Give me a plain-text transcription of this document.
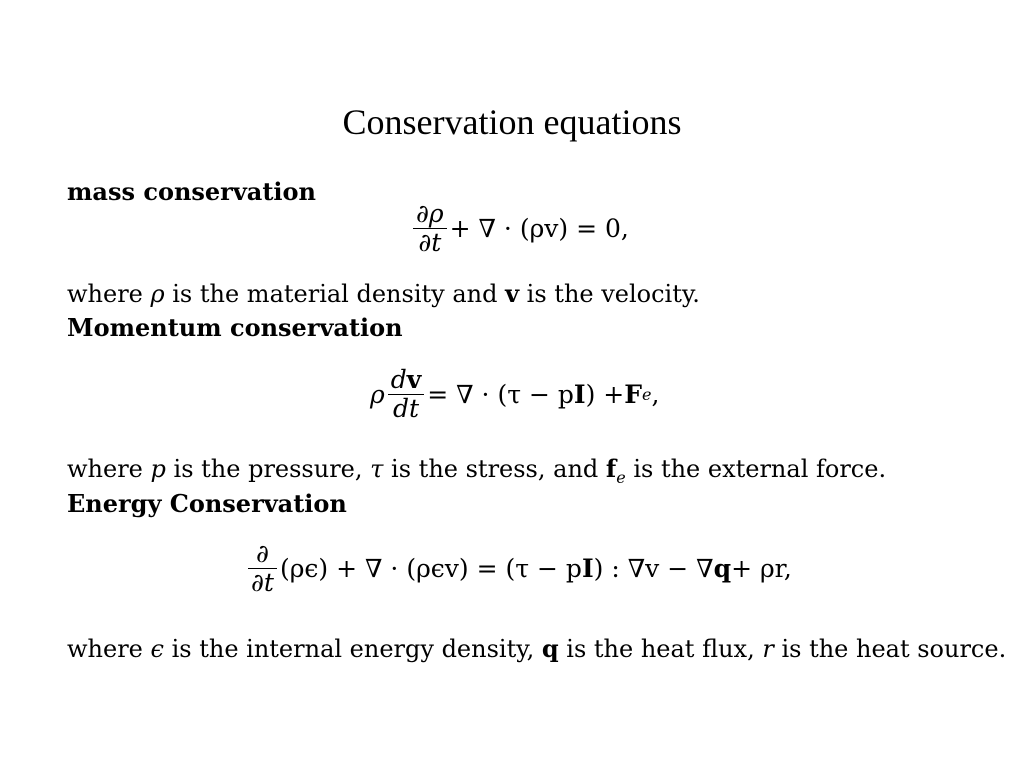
Conservation equations
mass conservation
$\frac{\partial\rho}{\partial t}$ + ∇ · (ρv) = 0,
where ρ is the material density and v is the velocity.
Momentum conservation
ρ $\frac{dv}{dt}$ = ∇ · (τ − p I ) + F e ,
where p is the pressure, τ is the stress, and $f_e$ is the external force.
Energy Conservation
$\frac{\partial}{\partial t} (\rho\epsilon)$ + ∇ · (ρϵv) = (τ − p I ) : ∇v − ∇ q + ρr,
where ϵ is the internal energy density, q is the heat flux, r is the heat source.
